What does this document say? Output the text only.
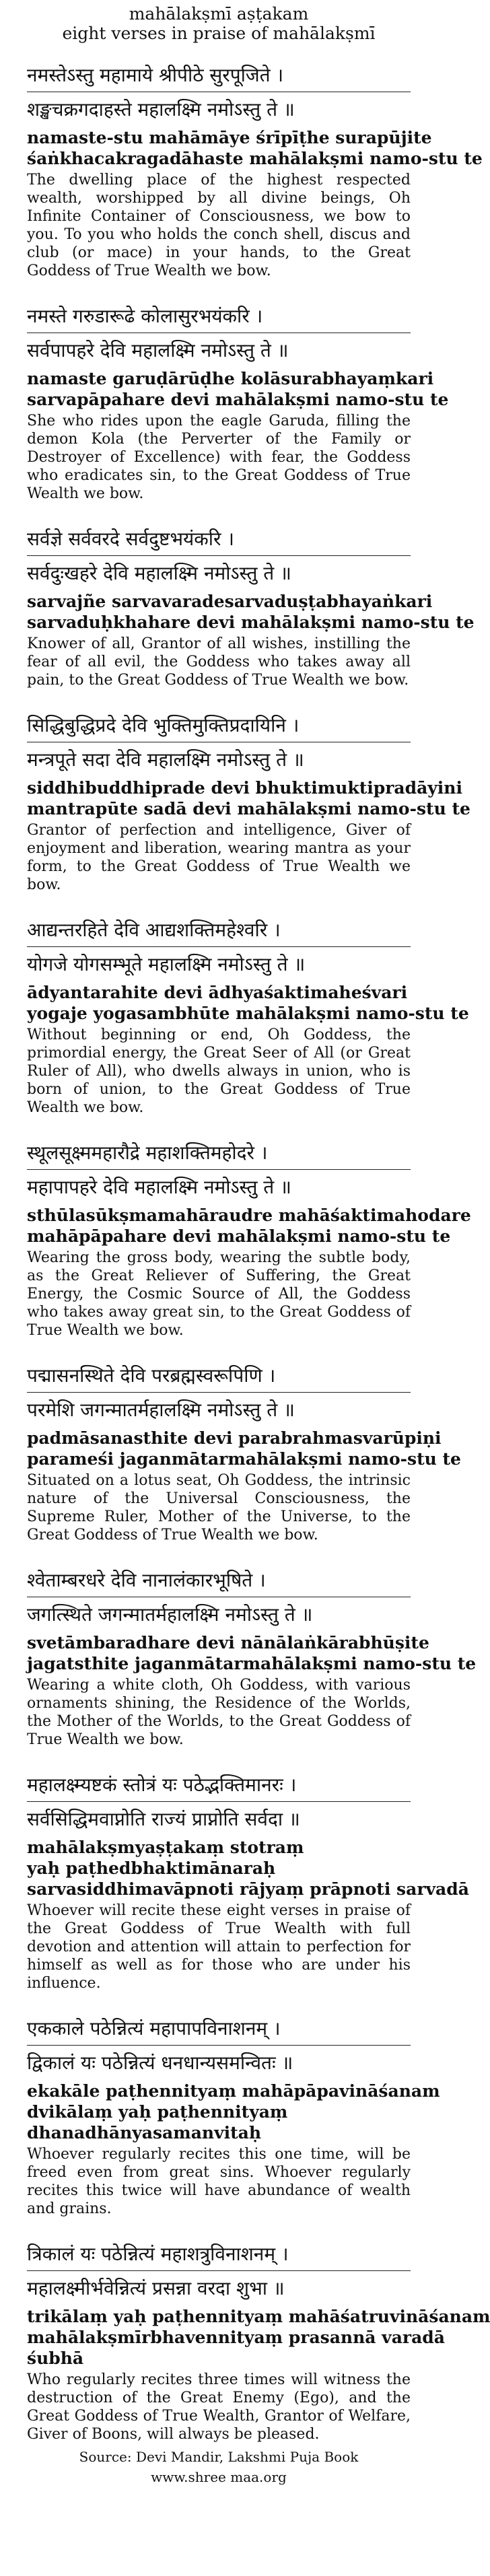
mahālakṣmī aṣṭakam
eight verses in praise of mahālakṣmī
नमस्तेऽस्तु महामाये श्रीपीठे सुरपूजिते ।
शङ्खचक्रगदाहस्ते महालक्ष्मि नमोऽस्तु ते ॥
namaste-stu mahāmāye śrīpīṭhe surapūjite
śaṅkhacakragadāhaste mahālakṣmi namo-stu te
The dwelling place of the highest respected wealth, worshipped by all divine beings, Oh Infinite Container of Consciousness, we bow to you. To you who holds the conch shell, discus and club (or mace) in your hands, to the Great Goddess of True Wealth we bow.
नमस्ते गरुडारूढे कोलासुरभयंकरि ।
सर्वपापहरे देवि महालक्ष्मि नमोऽस्तु ते ॥
namaste garuḍārūḍhe kolāsurabhayaṃkari
sarvapāpahare devi mahālakṣmi namo-stu te
She who rides upon the eagle Garuda, filling the demon Kola (the Perverter of the Family or Destroyer of Excellence) with fear, the Goddess who eradicates sin, to the Great Goddess of True Wealth we bow.
सर्वज्ञे सर्ववरदे सर्वदुष्टभयंकरि ।
सर्वदुःखहरे देवि महालक्ष्मि नमोऽस्तु ते ॥
sarvajñe sarvavaradesarvaduṣṭabhayaṅkari
sarvaduḥkhahare devi mahālakṣmi namo-stu te
Knower of all, Grantor of all wishes, instilling the fear of all evil, the Goddess who takes away all pain, to the Great Goddess of True Wealth we bow.
सिद्धिबुद्धिप्रदे देवि भुक्तिमुक्तिप्रदायिनि ।
मन्त्रपूते सदा देवि महालक्ष्मि नमोऽस्तु ते ॥
siddhibuddhiprade devi bhuktimuktipradāyini
mantrapūte sadā devi mahālakṣmi namo-stu te
Grantor of perfection and intelligence, Giver of enjoyment and liberation, wearing mantra as your form, to the Great Goddess of True Wealth we bow.
आद्यन्तरहिते देवि आद्यशक्तिमहेश्वरि ।
योगजे योगसम्भूते महालक्ष्मि नमोऽस्तु ते ॥
ādyantarahite devi ādhyaśaktimaheśvari
yogaje yogasambhūte mahālakṣmi namo-stu te
Without beginning or end, Oh Goddess, the primordial energy, the Great Seer of All (or Great Ruler of All), who dwells always in union, who is born of union, to the Great Goddess of True Wealth we bow.
स्थूलसूक्ष्ममहारौद्रे महाशक्तिमहोदरे ।
महापापहरे देवि महालक्ष्मि नमोऽस्तु ते ॥
sthūlasūkṣmamahāraudre mahāśaktimahodare
mahāpāpahare devi mahālakṣmi namo-stu te
Wearing the gross body, wearing the subtle body, as the Great Reliever of Suffering, the Great Energy, the Cosmic Source of All, the Goddess who takes away great sin, to the Great Goddess of True Wealth we bow.
पद्मासनस्थिते देवि परब्रह्मस्वरूपिणि ।
परमेशि जगन्मातर्महालक्ष्मि नमोऽस्तु ते ॥
padmāsanasthite devi parabrahmasvarūpiṇi
parameśi jaganmātarmahālakṣmi namo-stu te
Situated on a lotus seat, Oh Goddess, the intrinsic nature of the Universal Consciousness, the Supreme Ruler, Mother of the Universe, to the Great Goddess of True Wealth we bow.
श्वेताम्बरधरे देवि नानालंकारभूषिते ।
जगत्स्थिते जगन्मातर्महालक्ष्मि नमोऽस्तु ते ॥
svetāmbaradhare devi nānālaṅkārabhūṣite
jagatsthite jaganmātarmahālakṣmi namo-stu te
Wearing a white cloth, Oh Goddess, with various ornaments shining, the Residence of the Worlds, the Mother of the Worlds, to the Great Goddess of True Wealth we bow.
महालक्ष्म्यष्टकं स्तोत्रं यः पठेद्भक्तिमानरः ।
सर्वसिद्धिमवाप्नोति राज्यं प्राप्नोति सर्वदा ॥
mahālakṣmyaṣṭakaṃ stotraṃ
yaḥ paṭhedbhaktimānaraḥ
sarvasiddhimavāpnoti rājyaṃ prāpnoti sarvadā
Whoever will recite these eight verses in praise of the Great Goddess of True Wealth with full devotion and attention will attain to perfection for himself as well as for those who are under his influence.
एककाले पठेन्नित्यं महापापविनाशनम् ।
द्विकालं यः पठेन्नित्यं धनधान्यसमन्वितः ॥
ekakāle paṭhennityaṃ mahāpāpavināśanam
dvikālaṃ yaḥ paṭhennityaṃ
dhanadhānyasamanvitaḥ
Whoever regularly recites this one time, will be freed even from great sins. Whoever regularly recites this twice will have abundance of wealth and grains.
त्रिकालं यः पठेन्नित्यं महाशत्रुविनाशनम् ।
महालक्ष्मीर्भवेन्नित्यं प्रसन्ना वरदा शुभा ॥
trikālaṃ yaḥ paṭhennityaṃ mahāśatruvināśanam
mahālakṣmīrbhavennityaṃ prasannā varadā
śubhā
Who regularly recites three times will witness the destruction of the Great Enemy (Ego), and the Great Goddess of True Wealth, Grantor of Welfare, Giver of Boons, will always be pleased.
Source: Devi Mandir, Lakshmi Puja Book
www.shree maa.org
